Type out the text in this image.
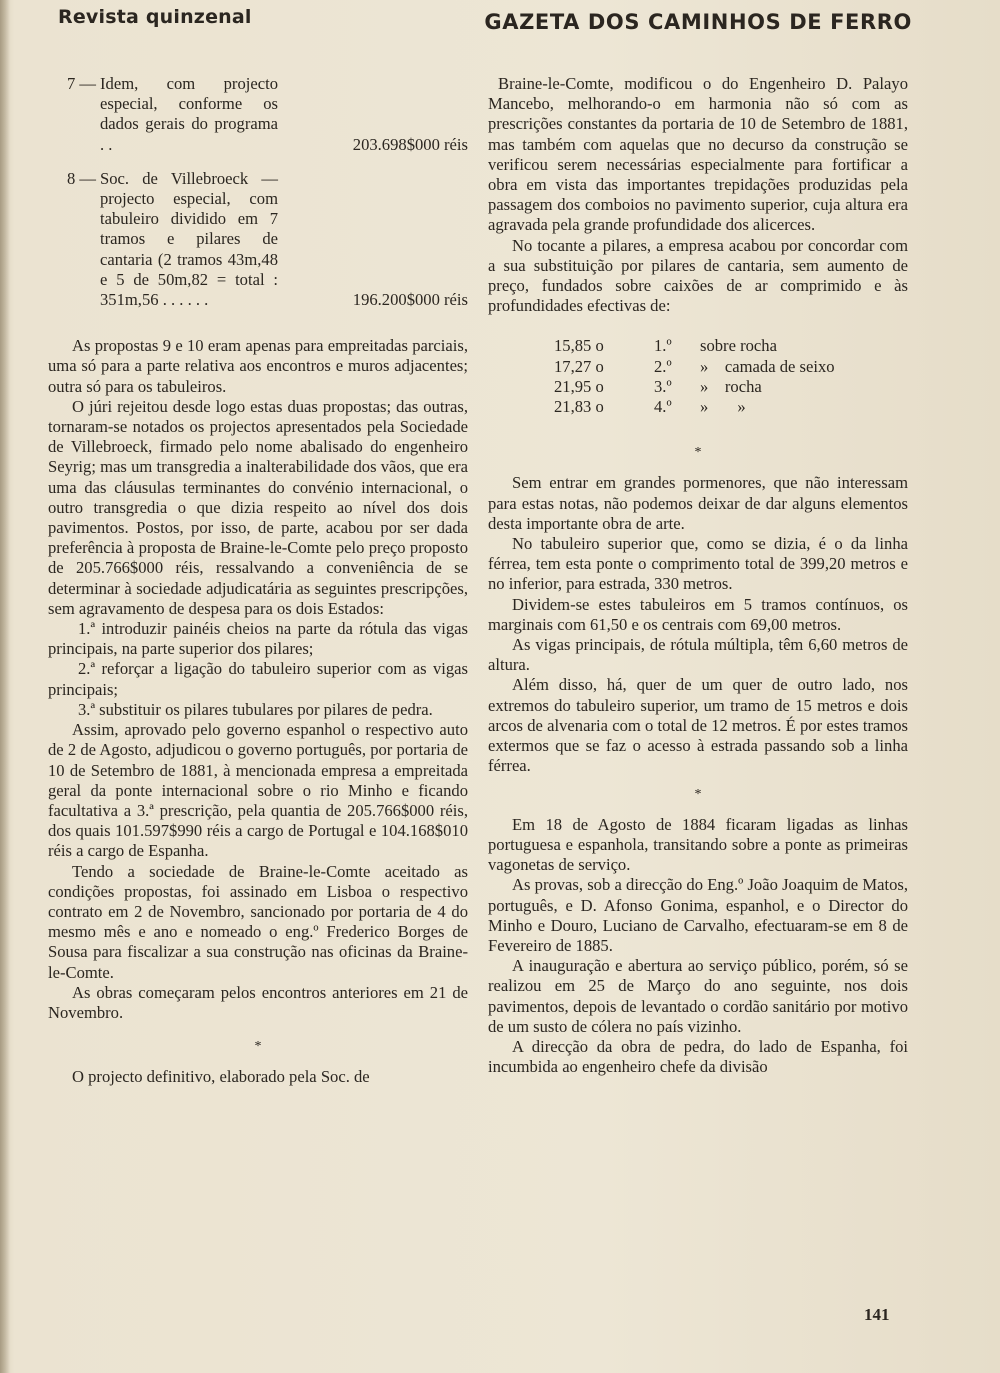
Revista quinzenal	GAZETA DOS CAMINHOS DE FERRO
7 — Idem, com projecto especial, conforme os dados gerais do programa . .	203.698$000 réis
8 — Soc. de Villebroeck — projecto especial, com tabuleiro dividido em 7 tramos e pilares de cantaria (2 tramos 43m,48 e 5 de 50m,82 = total : 351m,56 . . . . . .	196.200$000 réis

As propostas 9 e 10 eram apenas para empreitadas parciais, uma só para a parte relativa aos encontros e muros adjacentes; outra só para os tabuleiros.

O júri rejeitou desde logo estas duas propostas; das outras, tornaram-se notados os projectos apresentados pela Sociedade de Villebroeck, firmado pelo nome abalisado do engenheiro Seyrig; mas um transgredia a inalterabilidade dos vãos, que era uma das cláusulas terminantes do convénio internacional, o outro transgredia o que dizia respeito ao nível dos dois pavimentos. Postos, por isso, de parte, acabou por ser dada preferência à proposta de Braine-le-Comte pelo preço proposto de 205.766$000 réis, ressalvando a conveniência de se determinar à sociedade adjudicatária as seguintes prescripções, sem agravamento de despesa para os dois Estados:

1.ª introduzir painéis cheios na parte da rótula das vigas principais, na parte superior dos pilares;

2.ª reforçar a ligação do tabuleiro superior com as vigas principais;

3.ª substituir os pilares tubulares por pilares de pedra.

Assim, aprovado pelo governo espanhol o respectivo auto de 2 de Agosto, adjudicou o governo português, por portaria de 10 de Setembro de 1881, à mencionada empresa a empreitada geral da ponte internacional sobre o rio Minho e ficando facultativa a 3.ª prescrição, pela quantia de 205.766$000 réis, dos quais 101.597$990 réis a cargo de Portugal e 104.168$010 réis a cargo de Espanha.

Tendo a sociedade de Braine-le-Comte aceitado as condições propostas, foi assinado em Lisboa o respectivo contrato em 2 de Novembro, sancionado por portaria de 4 do mesmo mês e ano e nomeado o eng.º Frederico Borges de Sousa para fiscalizar a sua construção nas oficinas da Braine-le-Comte.

As obras começaram pelos encontros anteriores em 21 de Novembro.

*

O projecto definitivo, elaborado pela Soc. de

Braine-le-Comte, modificou o do Engenheiro D. Palayo Mancebo, melhorando-o em harmonia não só com as prescrições constantes da portaria de 10 de Setembro de 1881, mas também com aquelas que no decurso da construção se verificou serem necessárias especialmente para fortificar a obra em vista das importantes trepidações produzidas pela passagem dos comboios no pavimento superior, cuja altura era agravada pela grande profundidade dos alicerces.

No tocante a pilares, a empresa acabou por concordar com a sua substituição por pilares de cantaria, sem aumento de preço, fundados sobre caixões de ar comprimido e às profundidades efectivas de:

15,85 o	1.º	sobre rocha
17,27 o	2.º	»    camada de seixo
21,95 o	3.º	»    rocha
21,83 o	4.º	»       »
*

Sem entrar em grandes pormenores, que não interessam para estas notas, não podemos deixar de dar alguns elementos desta importante obra de arte.

No tabuleiro superior que, como se dizia, é o da linha férrea, tem esta ponte o comprimento total de 399,20 metros e no inferior, para estrada, 330 metros.

Dividem-se estes tabuleiros em 5 tramos contínuos, os marginais com 61,50 e os centrais com 69,00 metros.

As vigas principais, de rótula múltipla, têm 6,60 metros de altura.

Além disso, há, quer de um quer de outro lado, nos extremos do tabuleiro superior, um tramo de 15 metros e dois arcos de alvenaria com o total de 12 metros. É por estes tramos extermos que se faz o acesso à estrada passando sob a linha férrea.

*

Em 18 de Agosto de 1884 ficaram ligadas as linhas portuguesa e espanhola, transitando sobre a ponte as primeiras vagonetas de serviço.

As provas, sob a direcção do Eng.º João Joaquim de Matos, português, e D. Afonso Gonima, espanhol, e o Director do Minho e Douro, Luciano de Carvalho, efectuaram-se em 8 de Fevereiro de 1885.

A inauguração e abertura ao serviço público, porém, só se realizou em 25 de Março do ano seguinte, nos dois pavimentos, depois de levantado o cordão sanitário por motivo de um susto de cólera no país vizinho.

A direcção da obra de pedra, do lado de Espanha, foi incumbida ao engenheiro chefe da divisão

141
